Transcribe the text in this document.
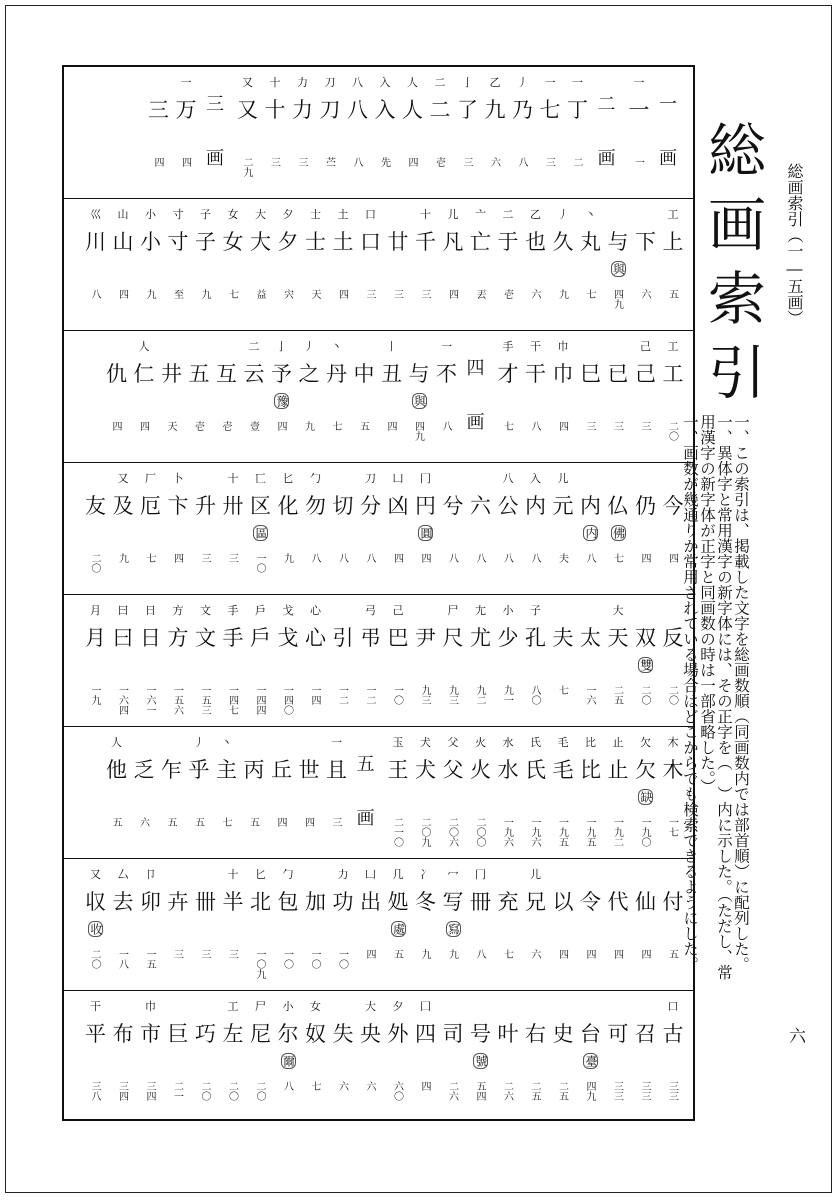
一
画
一
一
一
二
画
一
丁
二
一
七
三
丿
乃
八
乙
九
六
亅
了
三
二
二
壱
人
人
四
入
入
先
八
八
八
刀
刀
苎
力
力
三
十
十
三
又
又
二九
三
画
一
万
四
三
四
工
上
五
下
六
与
與
四九
丶
丸
七
丿
久
九
乙
也
六
二
于
壱
亠
亡
丟
儿
凡
四
十
千
三
廿
三
口
口
三
土
土
四
士
士
天
夕
夕
宍
大
大
益
女
女
七
子
子
九
寸
寸
至
小
小
九
山
山
四
巛
川
八
工
工
二〇
己
己
三
已
三
巳
三
巾
巾
四
干
干
八
手
才
七
四
画
一
不
八
与
與
四九
丨
丑
四
中
五
丶
丹
七
丿
之
九
亅
予
豫
四
二
云
壹
互
壱
五
壱
井
天
人
仁
四
仇
四
今
四
仍
四
仏
佛
七
内
内
八
儿
元
夫
入
内
八
八
公
八
六
八
兮
八
冂
円
圓
四
凵
凶
四
刀
分
八
切
八
勹
勿
八
匕
化
九
匸
区
區
一〇
十
卅
三
升
三
卜
卞
四
厂
厄
七
又
及
九
友
二〇
反
二〇
双
雙
二〇
大
天
二五
太
一六
夫
七
子
孔
八〇
小
少
九一
尢
尤
九二
尸
尺
九三
尹
九三
己
巴
一〇
弓
弔
一二
引
一二
心
心
一四
戈
戈
一四〇
戶
戶
一四四
手
手
一四七
文
文
一五三
方
方
一五六
日
日
一六一
曰
曰
一六四
月
月
一九
木
木
一七
欠
欠
缺
一九〇
止
止
一九二
比
比
一九五
毛
毛
一九五
氏
氏
一九六
水
水
一九六
火
火
二〇〇
父
父
二〇六
犬
犬
二〇九
玉
王
二一〇
五
画
一
且
三
世
四
丘
四
丙
五
丶
主
七
丿
乎
五
乍
五
乏
六
人
他
五
付
五
仙
四
代
四
令
四
以
四
儿
兄
六
充
七
冂
冊
八
冖
写
寫
九
冫
冬
九
几
処
處
五
凵
出
四
力
功
一〇
加
一〇
勹
包
一〇
匕
北
一〇九
十
半
三
卌
三
卉
三
卩
卯
一五
厶
去
一八
又
収
收
二〇
口
古
三三
召
三三
可
三三
台
臺
四九
史
二五
右
二五
叶
二六
号
號
五四
司
二六
囗
四
四
夕
外
六〇
大
央
六
失
六
女
奴
七
小
尔
爾
八
尸
尼
二〇
工
左
二〇
巧
二〇
巨
二一
巾
市
三四
布
三四
干
平
三八
総画索引

一、この索引は、掲載した文字を総画数順（同画数内では部首順）に配列した。

一、異体字と常用漢字の新字体には、その正字を（　）内に示した。（ただし、常用漢字の新字体が正字と同画数の時は一部省略した。）

一、画数が幾通りか常用されている場合はどこからでも検索できるようにした。

総画索引（一―五画）
六
